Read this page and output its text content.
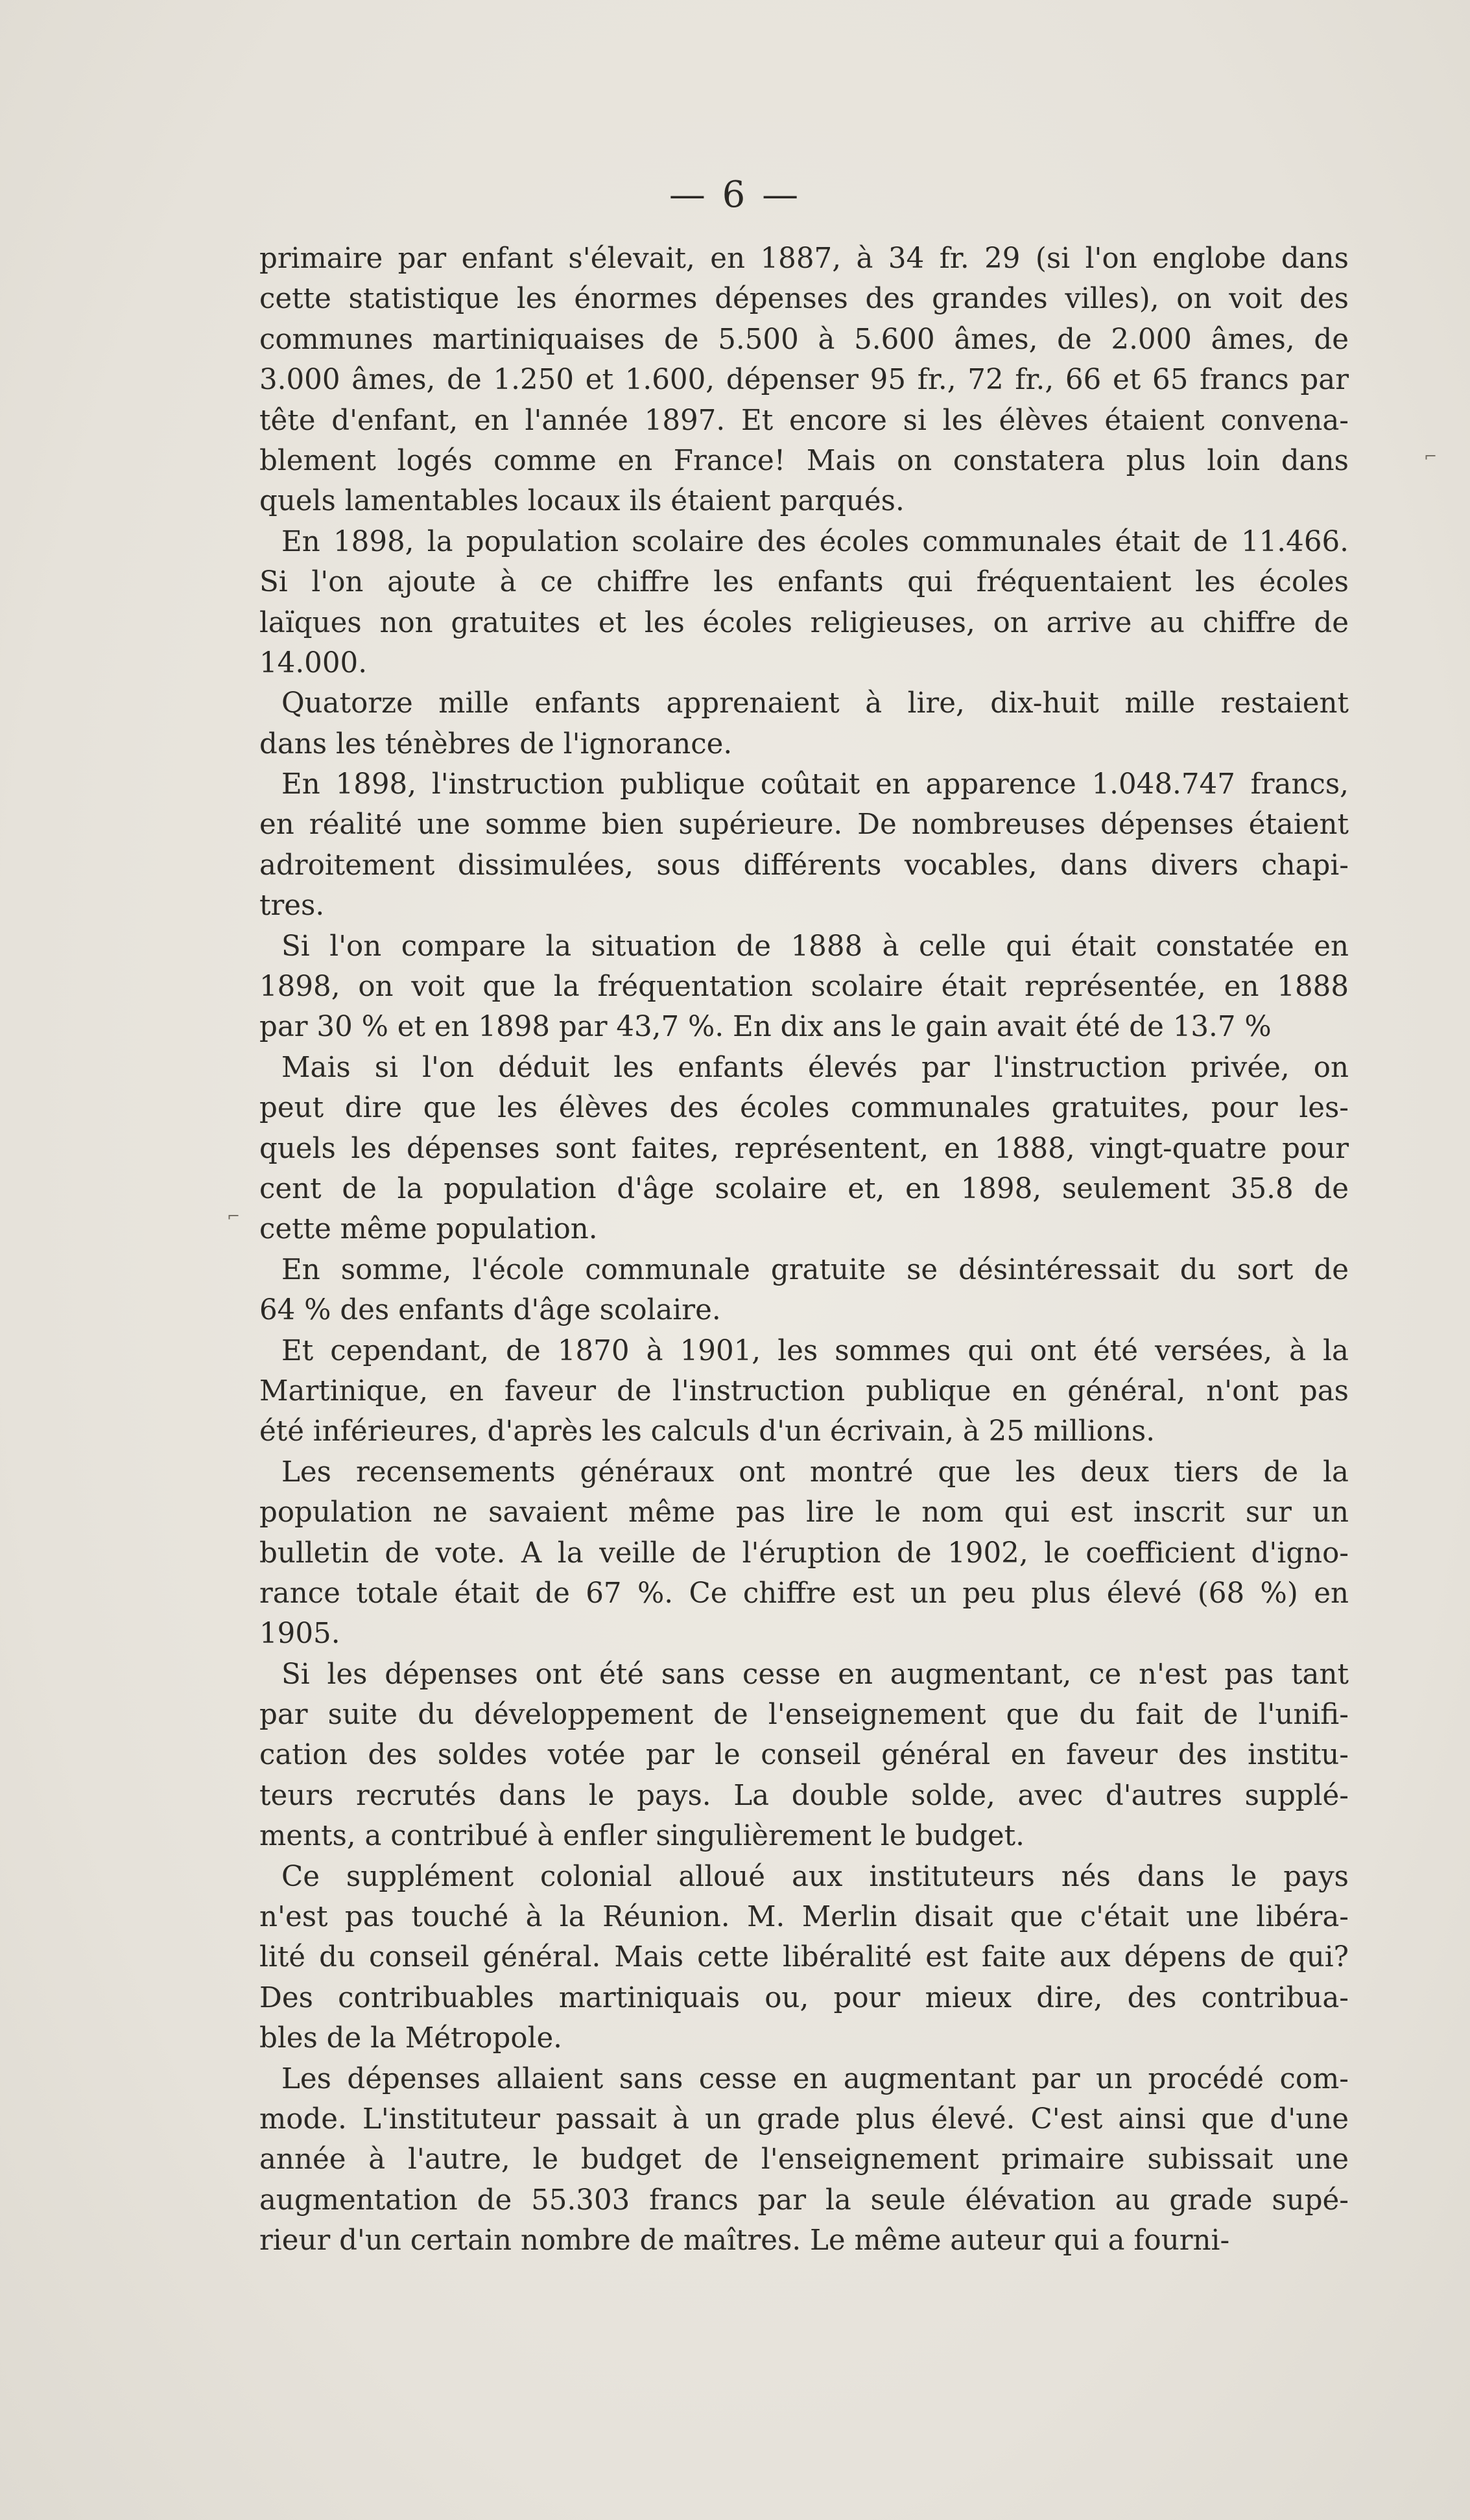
— 6 —
primaire par enfant s'élevait, en 1887, à 34 fr. 29 (si l'on englobe dans
cette statistique les énormes dépenses des grandes villes), on voit des
communes martiniquaises de 5.500 à 5.600 âmes, de 2.000 âmes, de
3.000 âmes, de 1.250 et 1.600, dépenser 95 fr., 72 fr., 66 et 65 francs par
tête d'enfant, en l'année 1897. Et encore si les élèves étaient convena-
blement logés comme en France! Mais on constatera plus loin dans
quels lamentables locaux ils étaient parqués.
En 1898, la population scolaire des écoles communales était de 11.466.
Si l'on ajoute à ce chiffre les enfants qui fréquentaient les écoles
laïques non gratuites et les écoles religieuses, on arrive au chiffre de
14.000.
Quatorze mille enfants apprenaient à lire, dix-huit mille restaient
dans les ténèbres de l'ignorance.
En 1898, l'instruction publique coûtait en apparence 1.048.747 francs,
en réalité une somme bien supérieure. De nombreuses dépenses étaient
adroitement dissimulées, sous différents vocables, dans divers chapi-
tres.
Si l'on compare la situation de 1888 à celle qui était constatée en
1898, on voit que la fréquentation scolaire était représentée, en 1888
par 30 % et en 1898 par 43,7 %. En dix ans le gain avait été de 13.7 %
Mais si l'on déduit les enfants élevés par l'instruction privée, on
peut dire que les élèves des écoles communales gratuites, pour les-
quels les dépenses sont faites, représentent, en 1888, vingt-quatre pour
cent de la population d'âge scolaire et, en 1898, seulement 35.8 de
cette même population.
En somme, l'école communale gratuite se désintéressait du sort de
64 % des enfants d'âge scolaire.
Et cependant, de 1870 à 1901, les sommes qui ont été versées, à la
Martinique, en faveur de l'instruction publique en général, n'ont pas
été inférieures, d'après les calculs d'un écrivain, à 25 millions.
Les recensements généraux ont montré que les deux tiers de la
population ne savaient même pas lire le nom qui est inscrit sur un
bulletin de vote. A la veille de l'éruption de 1902, le coefficient d'igno-
rance totale était de 67 %. Ce chiffre est un peu plus élevé (68 %) en
1905.
Si les dépenses ont été sans cesse en augmentant, ce n'est pas tant
par suite du développement de l'enseignement que du fait de l'unifi-
cation des soldes votée par le conseil général en faveur des institu-
teurs recrutés dans le pays. La double solde, avec d'autres supplé-
ments, a contribué à enfler singulièrement le budget.
Ce supplément colonial alloué aux instituteurs nés dans le pays
n'est pas touché à la Réunion. M. Merlin disait que c'était une libéra-
lité du conseil général. Mais cette libéralité est faite aux dépens de qui?
Des contribuables martiniquais ou, pour mieux dire, des contribua-
bles de la Métropole.
Les dépenses allaient sans cesse en augmentant par un procédé com-
mode. L'instituteur passait à un grade plus élevé. C'est ainsi que d'une
année à l'autre, le budget de l'enseignement primaire subissait une
augmentation de 55.303 francs par la seule élévation au grade supé-
rieur d'un certain nombre de maîtres. Le même auteur qui a fourni-
⌐
⌐
